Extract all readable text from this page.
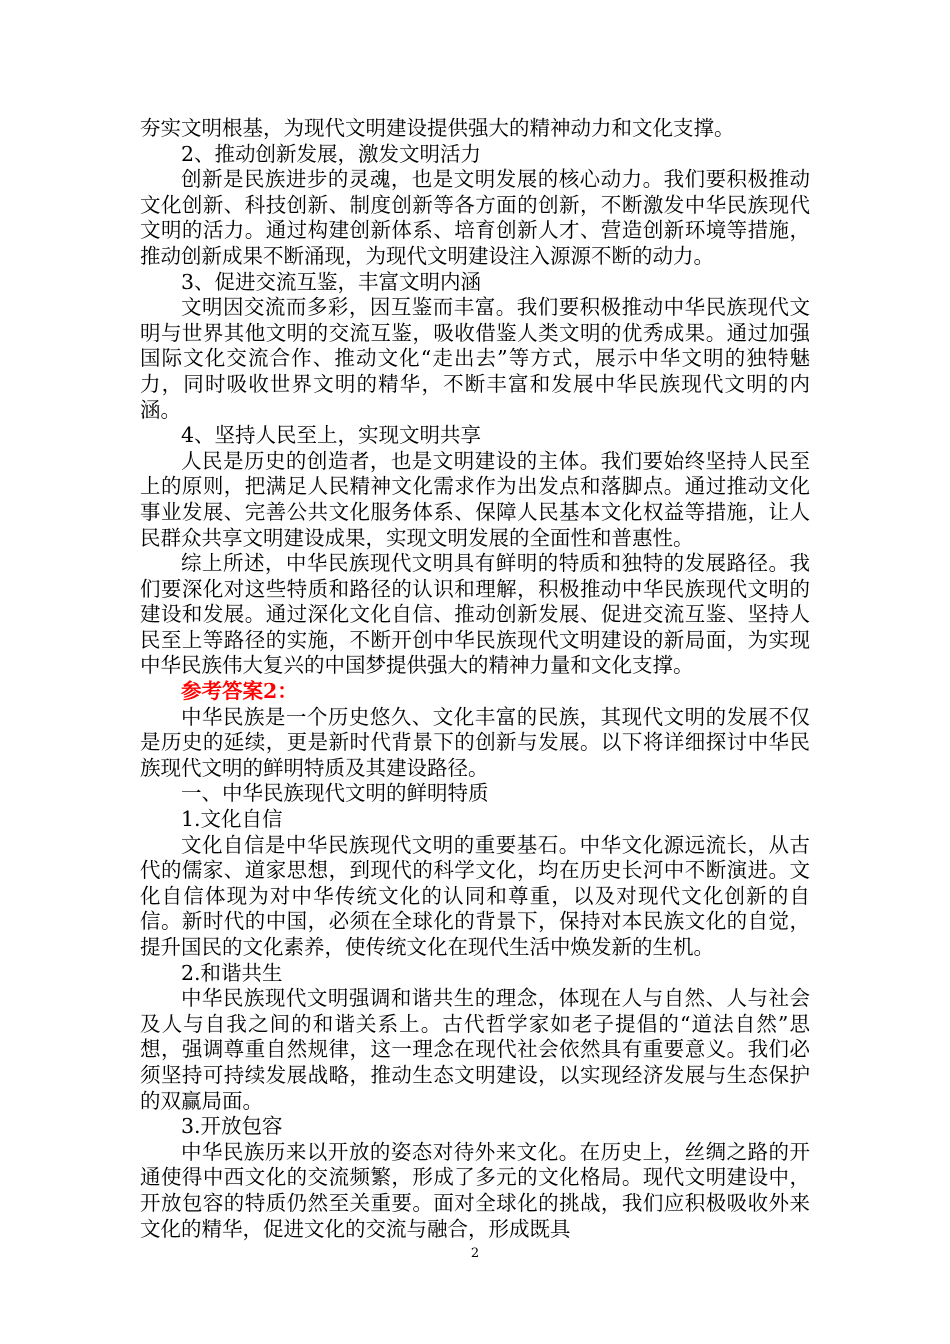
夯实文明根基，为现代文明建设提供强大的精神动力和文化支撑。

2、推动创新发展，激发文明活力

创新是民族进步的灵魂，也是文明发展的核心动力。我们要积极推动文化创新、科技创新、制度创新等各方面的创新，不断激发中华民族现代文明的活力。通过构建创新体系、培育创新人才、营造创新环境等措施，推动创新成果不断涌现，为现代文明建设注入源源不断的动力。

3、促进交流互鉴，丰富文明内涵

文明因交流而多彩，因互鉴而丰富。我们要积极推动中华民族现代文明与世界其他文明的交流互鉴，吸收借鉴人类文明的优秀成果。通过加强国际文化交流合作、推动文化“走出去”等方式，展示中华文明的独特魅力，同时吸收世界文明的精华，不断丰富和发展中华民族现代文明的内涵。

4、坚持人民至上，实现文明共享

人民是历史的创造者，也是文明建设的主体。我们要始终坚持人民至上的原则，把满足人民精神文化需求作为出发点和落脚点。通过推动文化事业发展、完善公共文化服务体系、保障人民基本文化权益等措施，让人民群众共享文明建设成果，实现文明发展的全面性和普惠性。

综上所述，中华民族现代文明具有鲜明的特质和独特的发展路径。我们要深化对这些特质和路径的认识和理解，积极推动中华民族现代文明的建设和发展。通过深化文化自信、推动创新发展、促进交流互鉴、坚持人民至上等路径的实施，不断开创中华民族现代文明建设的新局面，为实现中华民族伟大复兴的中国梦提供强大的精神力量和文化支撑。

参考答案2：

中华民族是一个历史悠久、文化丰富的民族，其现代文明的发展不仅是历史的延续，更是新时代背景下的创新与发展。以下将详细探讨中华民族现代文明的鲜明特质及其建设路径。

一、中华民族现代文明的鲜明特质

1.文化自信

文化自信是中华民族现代文明的重要基石。中华文化源远流长，从古代的儒家、道家思想，到现代的科学文化，均在历史长河中不断演进。文化自信体现为对中华传统文化的认同和尊重，以及对现代文化创新的自信。新时代的中国，必须在全球化的背景下，保持对本民族文化的自觉，提升国民的文化素养，使传统文化在现代生活中焕发新的生机。

2.和谐共生

中华民族现代文明强调和谐共生的理念，体现在人与自然、人与社会及人与自我之间的和谐关系上。古代哲学家如老子提倡的“道法自然”思想，强调尊重自然规律，这一理念在现代社会依然具有重要意义。我们必须坚持可持续发展战略，推动生态文明建设，以实现经济发展与生态保护的双赢局面。

3.开放包容

中华民族历来以开放的姿态对待外来文化。在历史上，丝绸之路的开通使得中西文化的交流频繁，形成了多元的文化格局。现代文明建设中，开放包容的特质仍然至关重要。面对全球化的挑战，我们应积极吸收外来文化的精华，促进文化的交流与融合，形成既具

2
